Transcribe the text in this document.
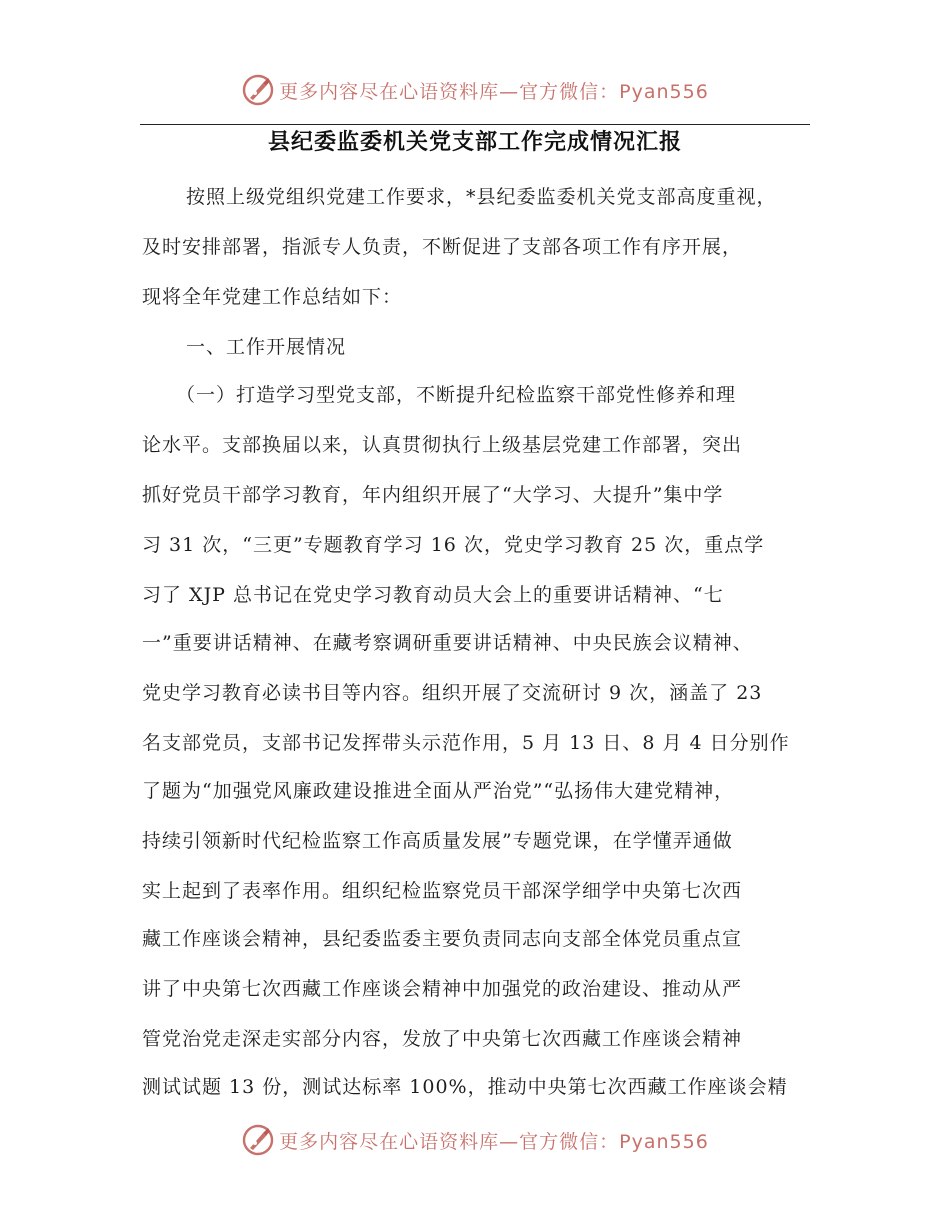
更多内容尽在心语资料库—官方微信：Pyan556
县纪委监委机关党支部工作完成情况汇报
按照上级党组织党建工作要求，*县纪委监委机关党支部高度重视，
及时安排部署，指派专人负责，不断促进了支部各项工作有序开展，
现将全年党建工作总结如下：
一、工作开展情况
（一）打造学习型党支部，不断提升纪检监察干部党性修养和理
论水平。支部换届以来，认真贯彻执行上级基层党建工作部署，突出
抓好党员干部学习教育，年内组织开展了“大学习、大提升”集中学
习 31 次，“三更”专题教育学习 16 次，党史学习教育 25 次，重点学
习了 XJP 总书记在党史学习教育动员大会上的重要讲话精神、“七
一”重要讲话精神、在藏考察调研重要讲话精神、中央民族会议精神、
党史学习教育必读书目等内容。组织开展了交流研讨 9 次，涵盖了 23
名支部党员，支部书记发挥带头示范作用，5 月 13 日、8 月 4 日分别作
了题为“加强党风廉政建设推进全面从严治党”“弘扬伟大建党精神，
持续引领新时代纪检监察工作高质量发展”专题党课，在学懂弄通做
实上起到了表率作用。组织纪检监察党员干部深学细学中央第七次西
藏工作座谈会精神，县纪委监委主要负责同志向支部全体党员重点宣
讲了中央第七次西藏工作座谈会精神中加强党的政治建设、推动从严
管党治党走深走实部分内容，发放了中央第七次西藏工作座谈会精神
测试试题 13 份，测试达标率 100%，推动中央第七次西藏工作座谈会精
更多内容尽在心语资料库—官方微信：Pyan556
